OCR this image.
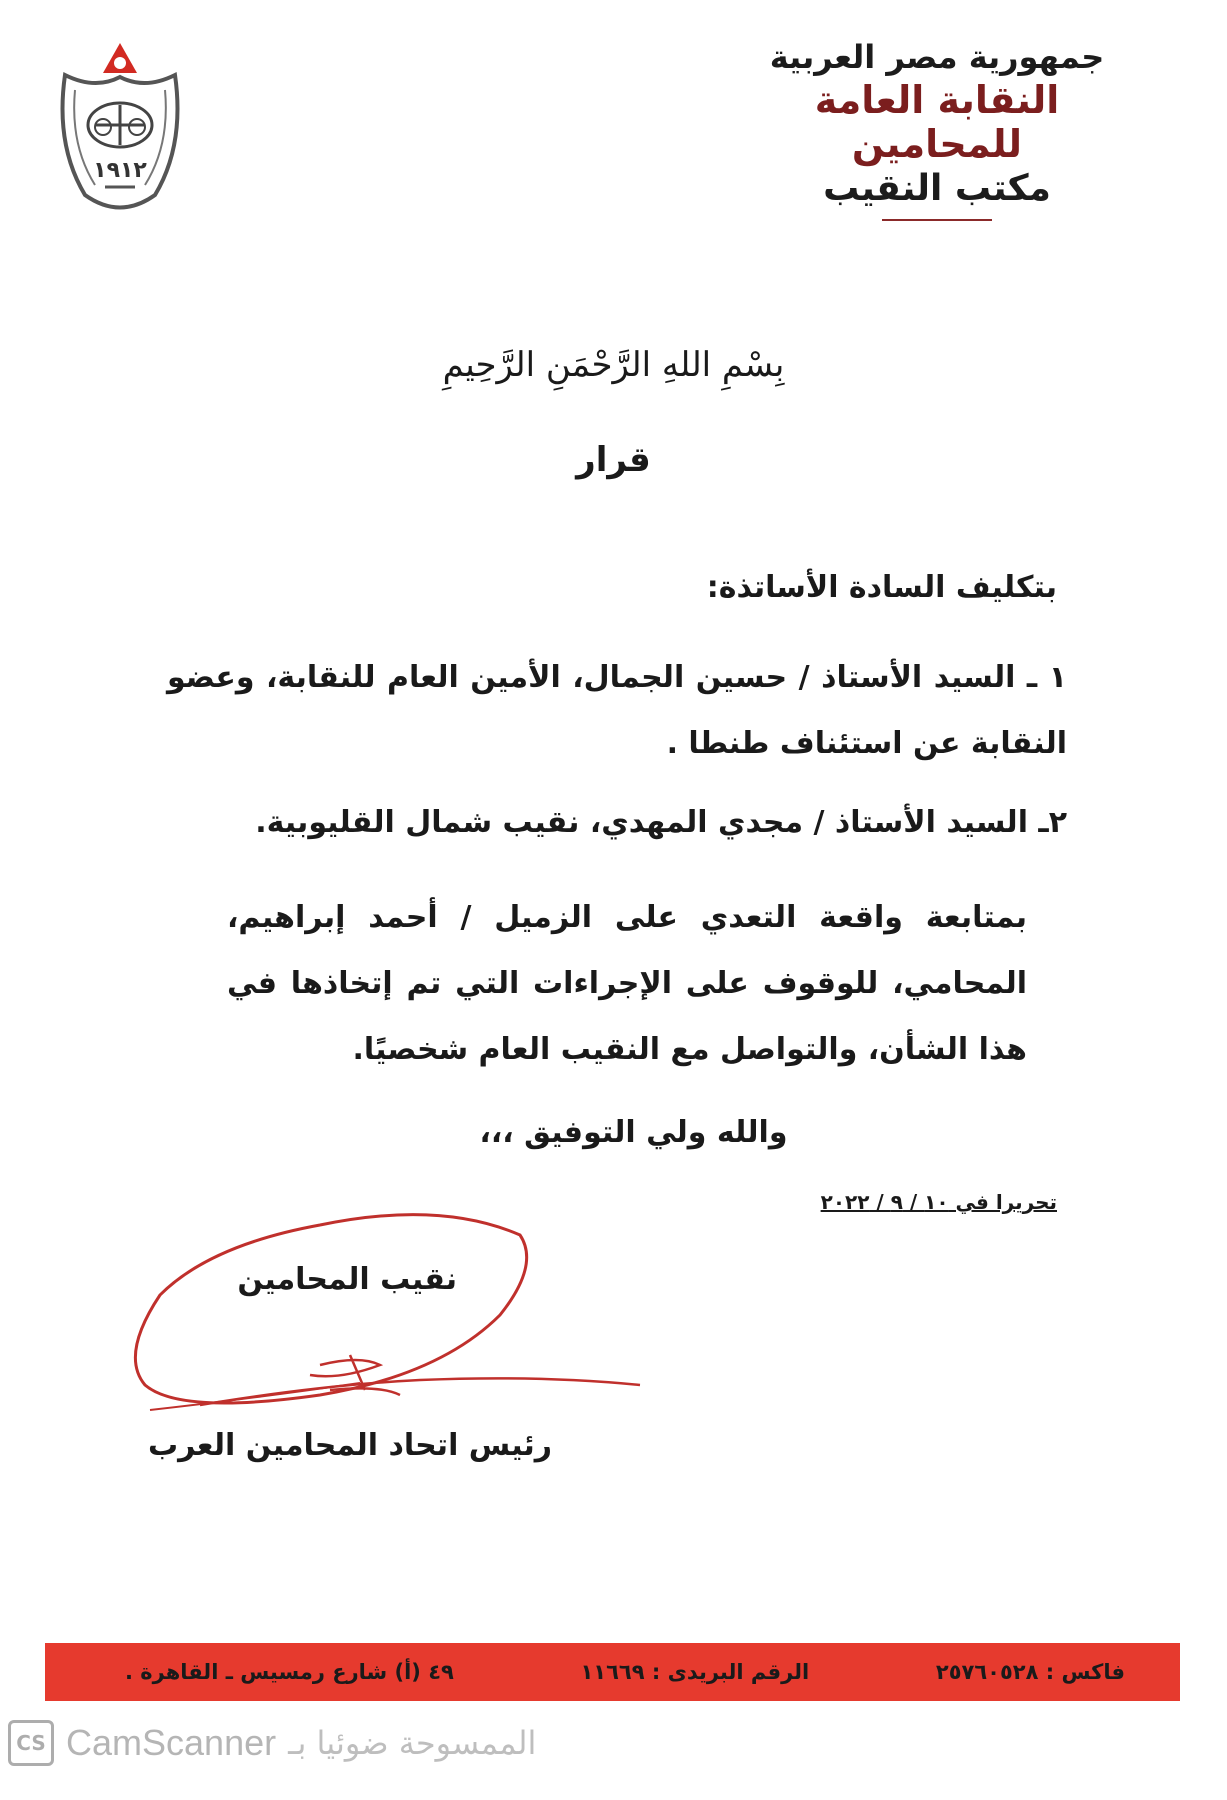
جمهورية مصر العربية
النقابة العامة للمحامين
مكتب النقيب
١٩١٢
بِسْمِ اللهِ الرَّحْمَنِ الرَّحِيمِ
قرار
بتكليف السادة الأساتذة:
١ ـ السيد الأستاذ / حسين الجمال، الأمين العام للنقابة، وعضو النقابة عن استئناف طنطا .
٢ـ السيد الأستاذ / مجدي المهدي، نقيب شمال القليوبية.
بمتابعة واقعة التعدي على الزميل / أحمد إبراهيم، المحامي، للوقوف على الإجراءات التي تم إتخاذها في هذا الشأن، والتواصل مع النقيب العام شخصيًا.
والله ولي التوفيق ،،،
تحريرا في ١٠ / ٩ / ٢٠٢٢
نقيب المحامين
رئيس اتحاد المحامين العرب
٤٩ (أ) شارع رمسيس ـ القاهرة .	الرقم البريدى : ١١٦٦٩	فاكس : ٢٥٧٦٠٥٢٨
CS CamScanner الممسوحة ضوئيا بـ
